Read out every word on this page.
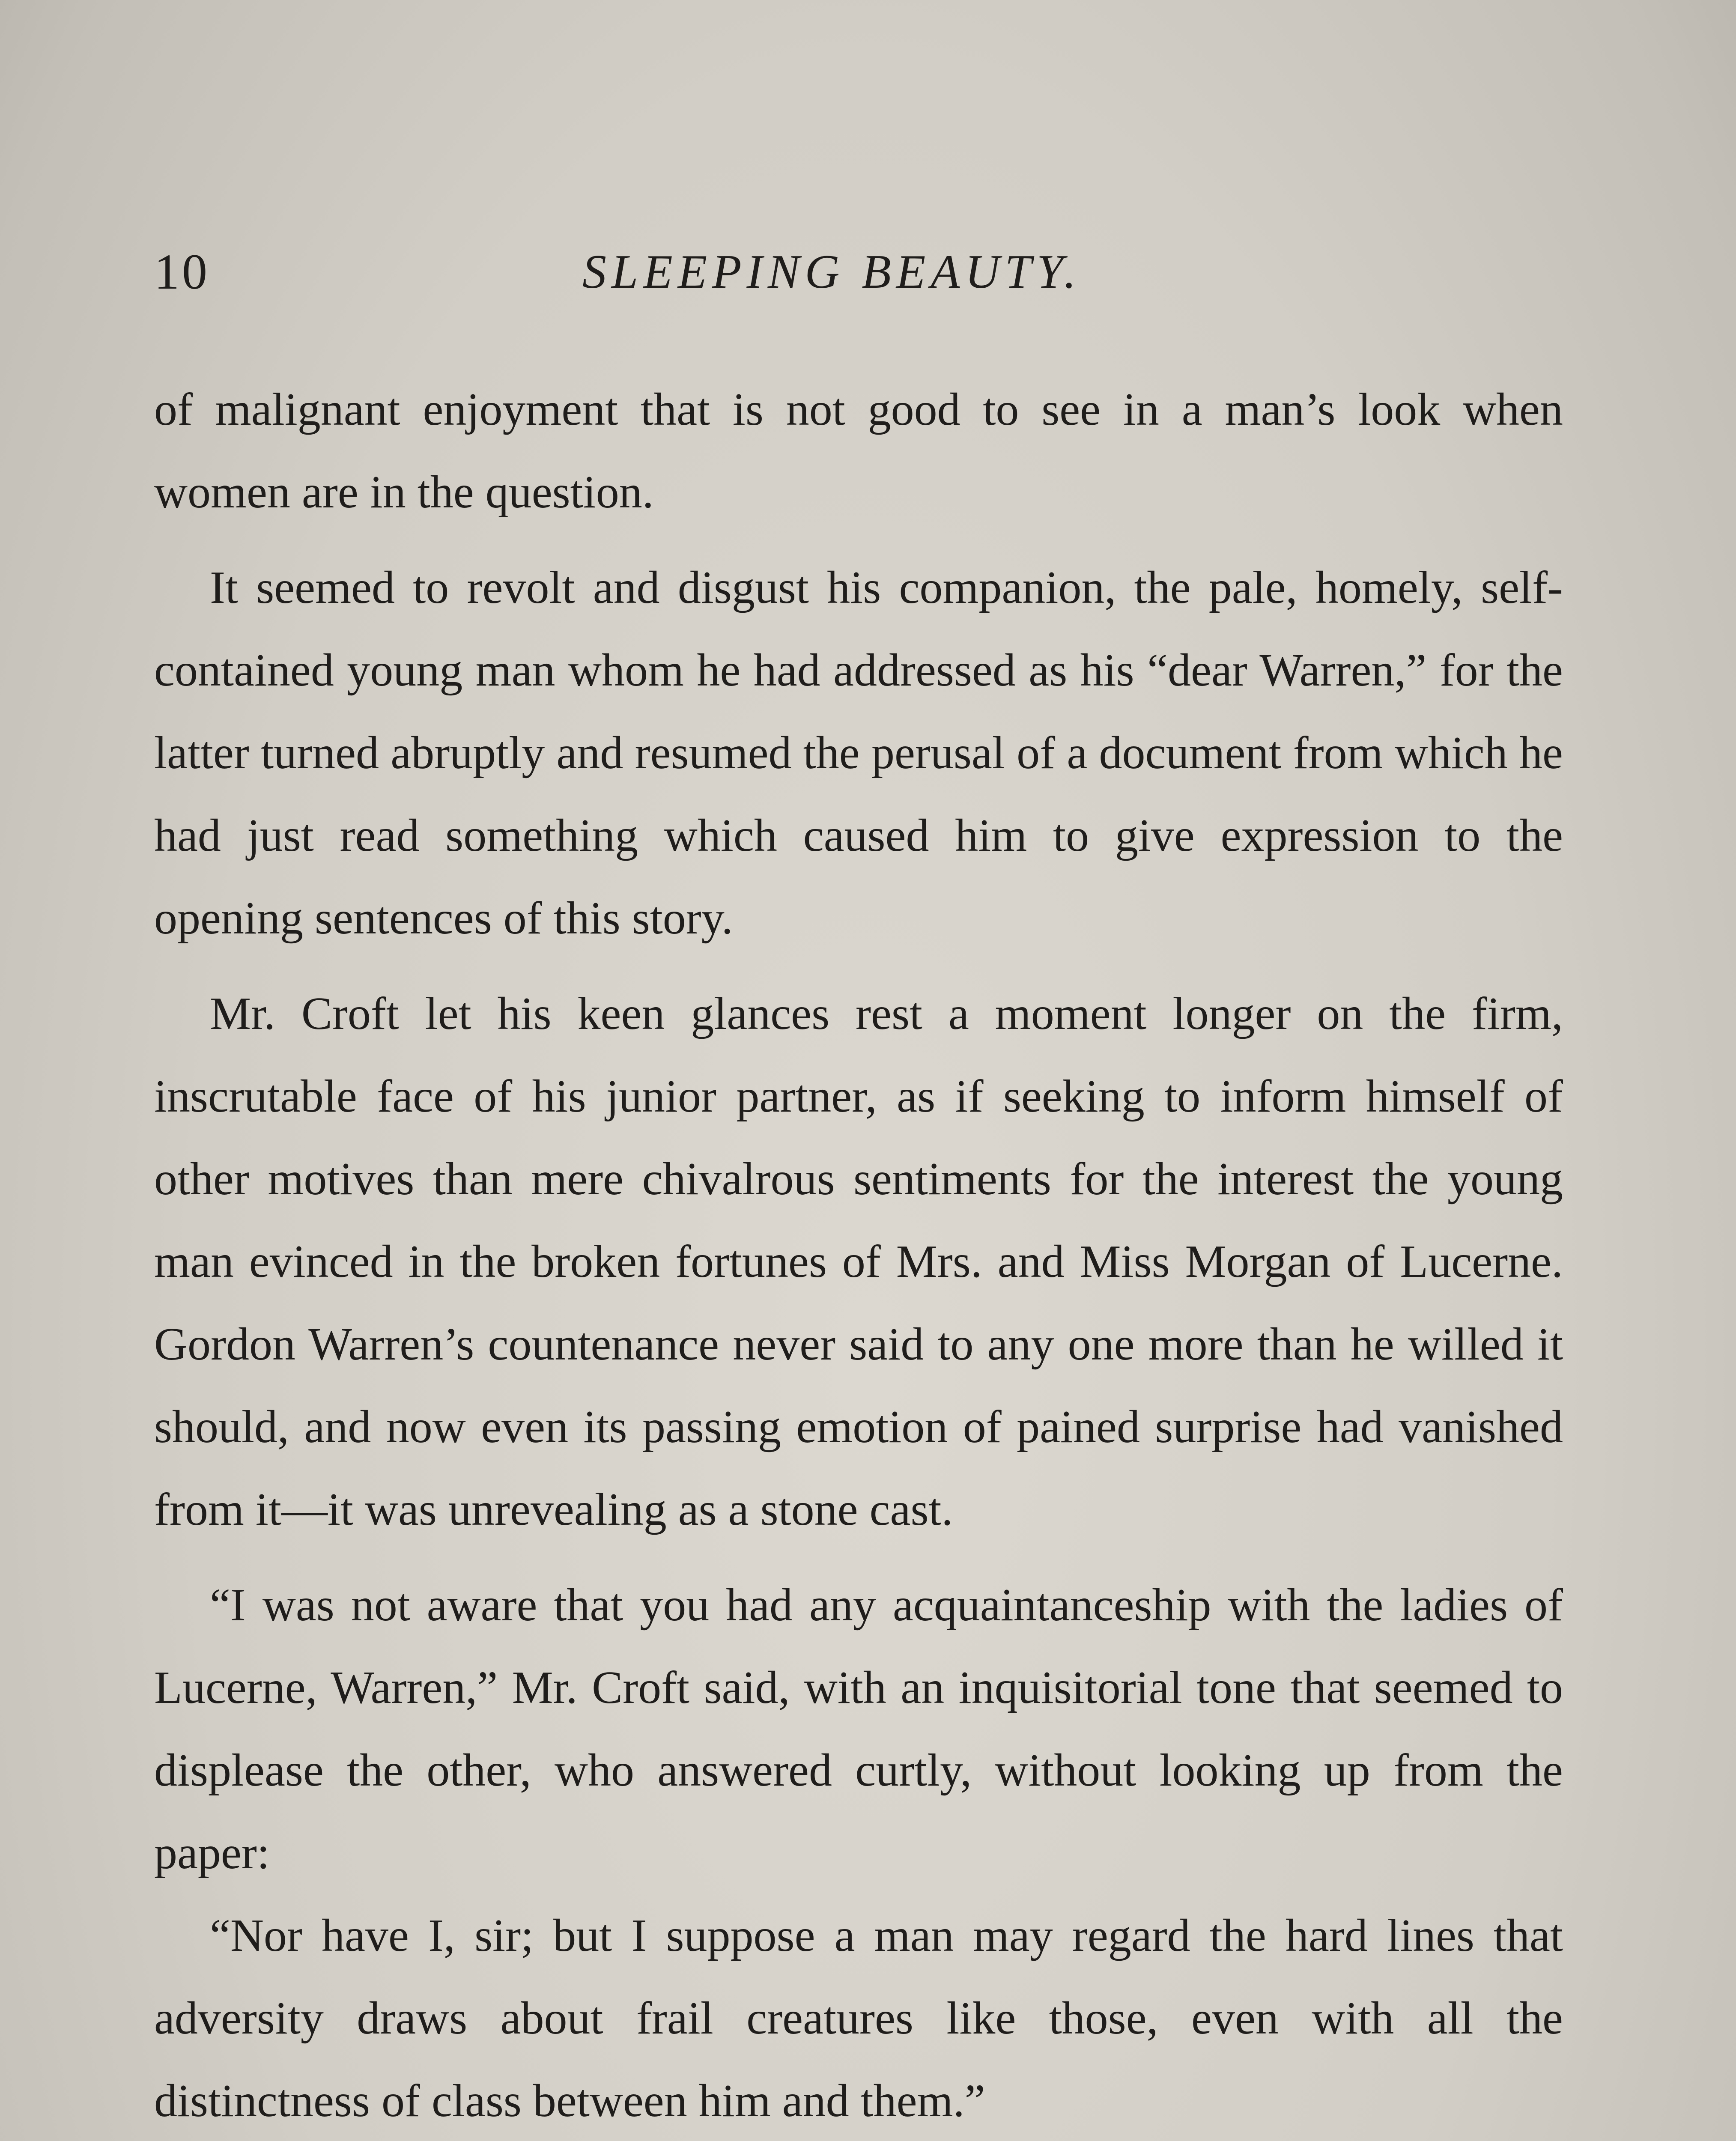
10	SLEEPING BEAUTY.

of malignant enjoyment that is not good to see in a man’s look when women are in the question.

It seemed to revolt and disgust his companion, the pale, homely, self-contained young man whom he had addressed as his “dear Warren,” for the latter turned abruptly and resumed the perusal of a document from which he had just read something which caused him to give expression to the opening sentences of this story.

Mr. Croft let his keen glances rest a moment longer on the firm, inscrutable face of his junior partner, as if seeking to inform himself of other motives than mere chivalrous sentiments for the interest the young man evinced in the broken fortunes of Mrs. and Miss Morgan of Lucerne. Gordon Warren’s countenance never said to any one more than he willed it should, and now even its passing emotion of pained surprise had vanished from it—it was unrevealing as a stone cast.

“I was not aware that you had any acquaintanceship with the ladies of Lucerne, Warren,” Mr. Croft said, with an inquisitorial tone that seemed to displease the other, who answered curtly, without looking up from the paper:

“Nor have I, sir; but I suppose a man may regard the hard lines that adversity draws about frail creatures like those, even with all the distinctness of class between him and them.”
